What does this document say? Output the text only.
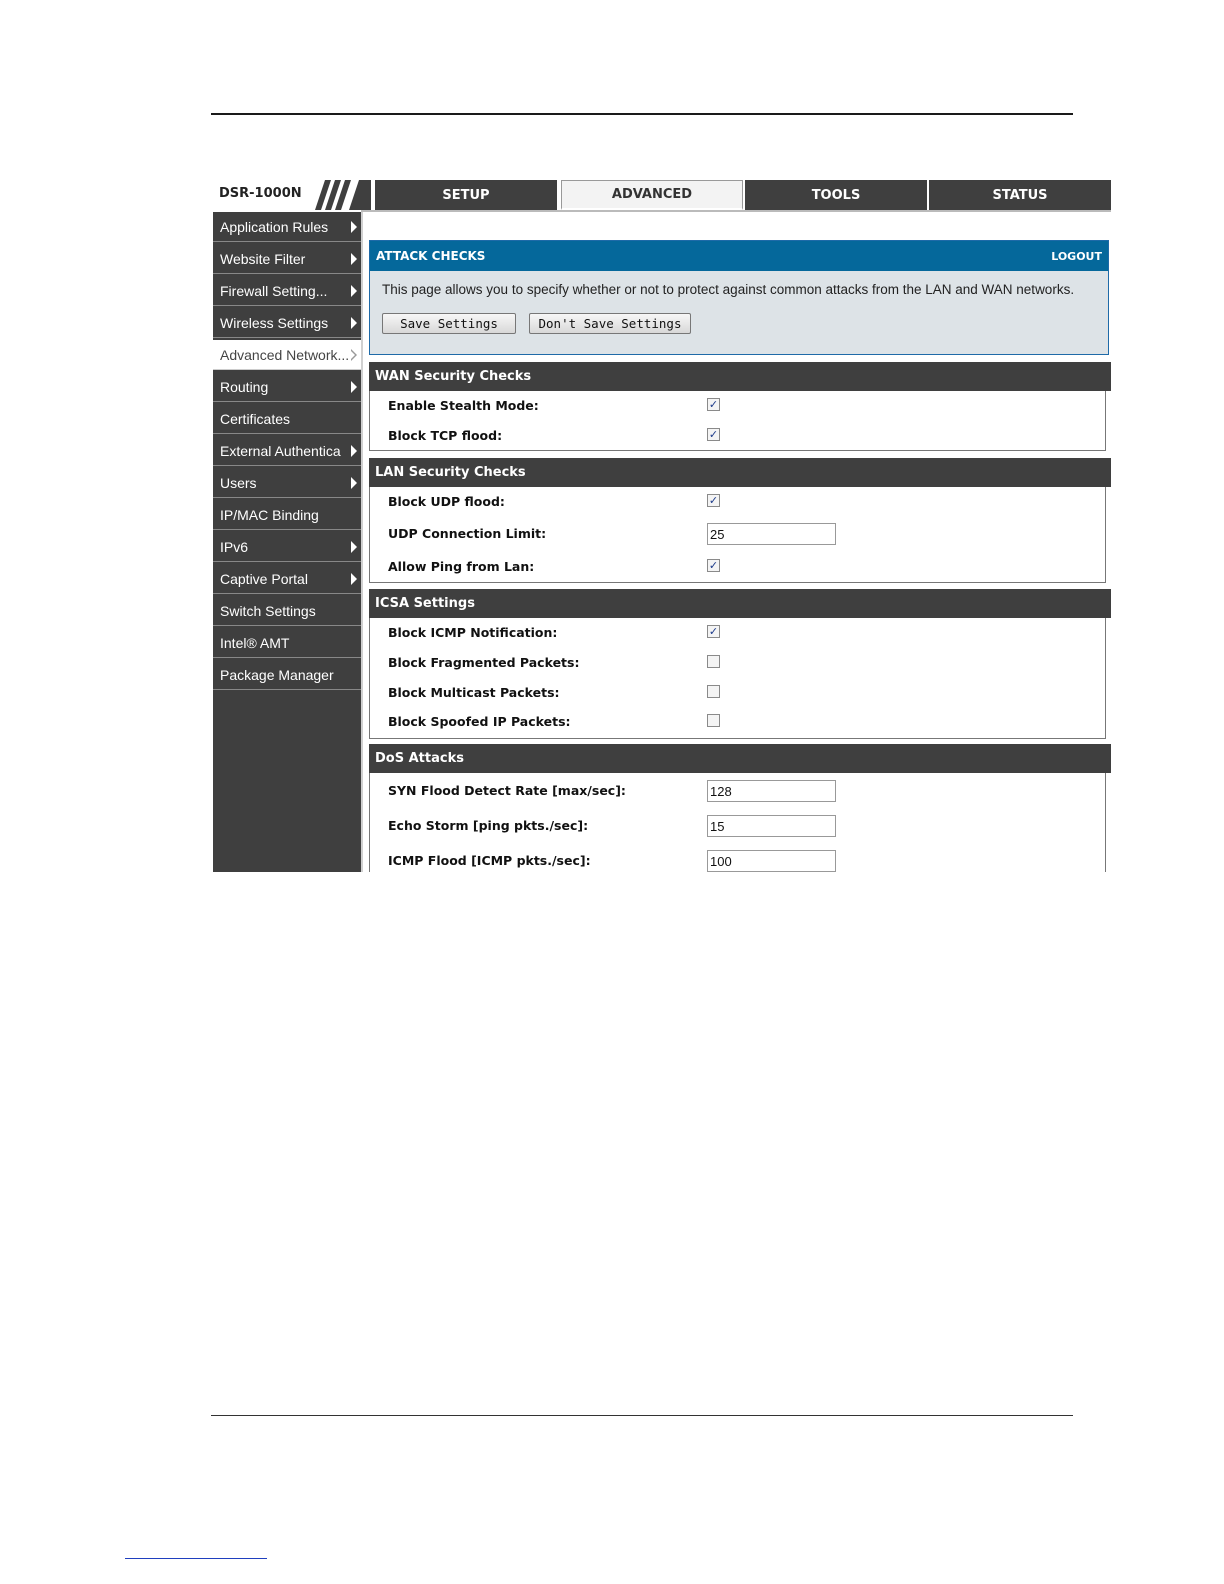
DSR-1000N	SETUP	ADVANCED	TOOLS	STATUS
Application Rules
Website Filter
Firewall Setting...
Wireless Settings
Advanced Network...
Routing
Certificates
External Authentica
Users
IP/MAC Binding
IPv6
Captive Portal
Switch Settings
Intel® AMT
Package Manager
ATTACK CHECKS	LOGOUT
This page allows you to specify whether or not to protect against common attacks from the LAN and WAN networks.
Save Settings	Don't Save Settings
WAN Security Checks
Enable Stealth Mode:	✓
Block TCP flood:	✓
LAN Security Checks
Block UDP flood:	✓
UDP Connection Limit:	25
Allow Ping from Lan:	✓
ICSA Settings
Block ICMP Notification:	✓
Block Fragmented Packets:
Block Multicast Packets:
Block Spoofed IP Packets:
DoS Attacks
SYN Flood Detect Rate [max/sec]:	128
Echo Storm [ping pkts./sec]:	15
ICMP Flood [ICMP pkts./sec]:	100
